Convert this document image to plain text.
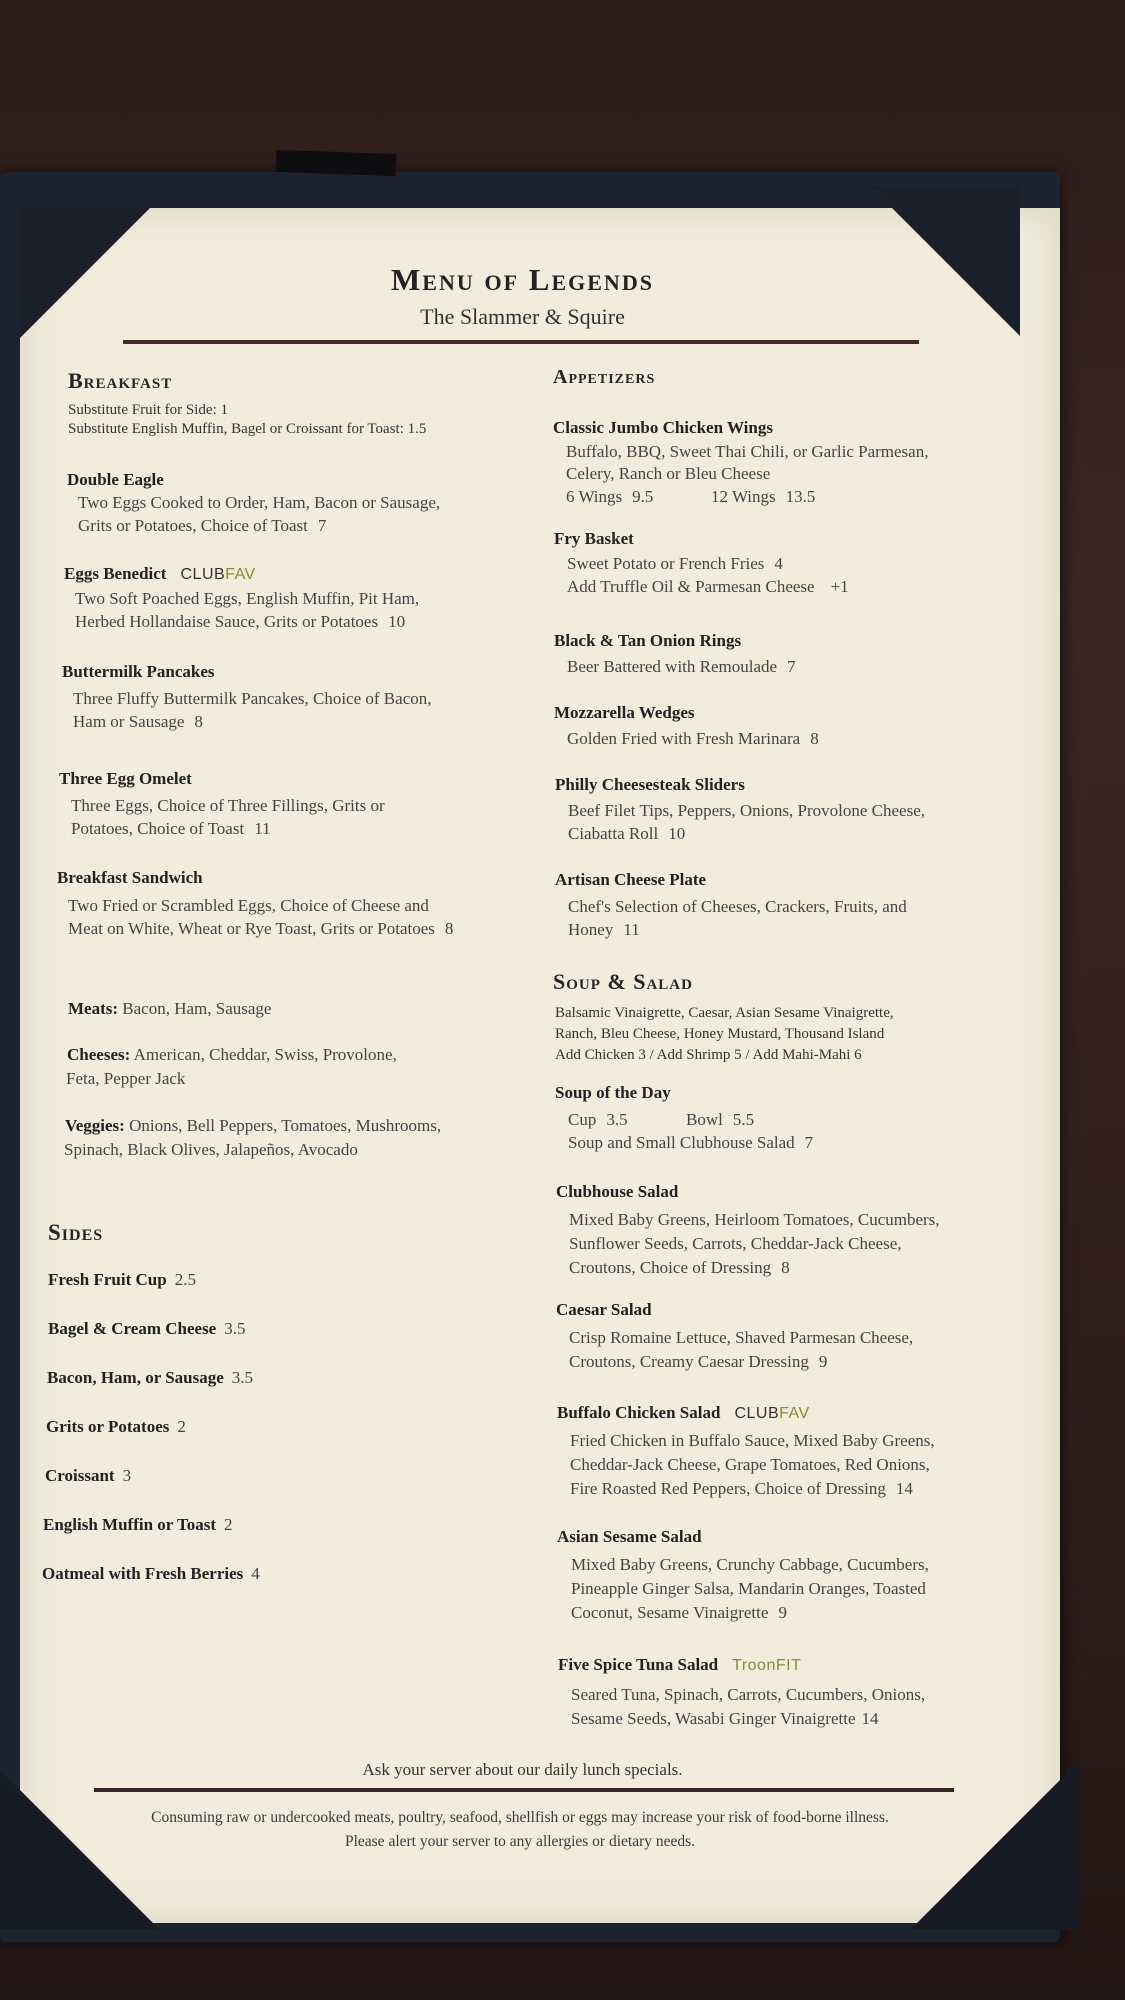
Menu of Legends
The Slammer & Squire
Breakfast
Substitute Fruit for Side: 1
Substitute English Muffin, Bagel or Croissant for Toast: 1.5
Double Eagle
Two Eggs Cooked to Order, Ham, Bacon or Sausage,
Grits or Potatoes, Choice of Toast 7
Eggs Benedict CLUBFAV
Two Soft Poached Eggs, English Muffin, Pit Ham,
Herbed Hollandaise Sauce, Grits or Potatoes 10
Buttermilk Pancakes
Three Fluffy Buttermilk Pancakes, Choice of Bacon,
Ham or Sausage 8
Three Egg Omelet
Three Eggs, Choice of Three Fillings, Grits or
Potatoes, Choice of Toast 11
Breakfast Sandwich
Two Fried or Scrambled Eggs, Choice of Cheese and
Meat on White, Wheat or Rye Toast, Grits or Potatoes 8
Meats: Bacon, Ham, Sausage
Cheeses: American, Cheddar, Swiss, Provolone,
Feta, Pepper Jack
Veggies: Onions, Bell Peppers, Tomatoes, Mushrooms,
Spinach, Black Olives, Jalapeños, Avocado
Sides
Fresh Fruit Cup 2.5
Bagel & Cream Cheese 3.5
Bacon, Ham, or Sausage 3.5
Grits or Potatoes 2
Croissant 3
English Muffin or Toast 2
Oatmeal with Fresh Berries 4
Appetizers
Classic Jumbo Chicken Wings
Buffalo, BBQ, Sweet Thai Chili, or Garlic Parmesan,
Celery, Ranch or Bleu Cheese
6 Wings 9.5	12 Wings 13.5
Fry Basket
Sweet Potato or French Fries 4
Add Truffle Oil & Parmesan Cheese +1
Black & Tan Onion Rings
Beer Battered with Remoulade 7
Mozzarella Wedges
Golden Fried with Fresh Marinara 8
Philly Cheesesteak Sliders
Beef Filet Tips, Peppers, Onions, Provolone Cheese,
Ciabatta Roll 10
Artisan Cheese Plate
Chef's Selection of Cheeses, Crackers, Fruits, and
Honey 11
Soup & Salad
Balsamic Vinaigrette, Caesar, Asian Sesame Vinaigrette,
Ranch, Bleu Cheese, Honey Mustard, Thousand Island
Add Chicken 3 / Add Shrimp 5 / Add Mahi-Mahi 6
Soup of the Day
Cup 3.5	Bowl 5.5
Soup and Small Clubhouse Salad 7
Clubhouse Salad
Mixed Baby Greens, Heirloom Tomatoes, Cucumbers,
Sunflower Seeds, Carrots, Cheddar-Jack Cheese,
Croutons, Choice of Dressing 8
Caesar Salad
Crisp Romaine Lettuce, Shaved Parmesan Cheese,
Croutons, Creamy Caesar Dressing 9
Buffalo Chicken Salad CLUBFAV
Fried Chicken in Buffalo Sauce, Mixed Baby Greens,
Cheddar-Jack Cheese, Grape Tomatoes, Red Onions,
Fire Roasted Red Peppers, Choice of Dressing 14
Asian Sesame Salad
Mixed Baby Greens, Crunchy Cabbage, Cucumbers,
Pineapple Ginger Salsa, Mandarin Oranges, Toasted
Coconut, Sesame Vinaigrette 9
Five Spice Tuna Salad TroonFIT
Seared Tuna, Spinach, Carrots, Cucumbers, Onions,
Sesame Seeds, Wasabi Ginger Vinaigrette 14
Ask your server about our daily lunch specials.
Consuming raw or undercooked meats, poultry, seafood, shellfish or eggs may increase your risk of food-borne illness.
Please alert your server to any allergies or dietary needs.
